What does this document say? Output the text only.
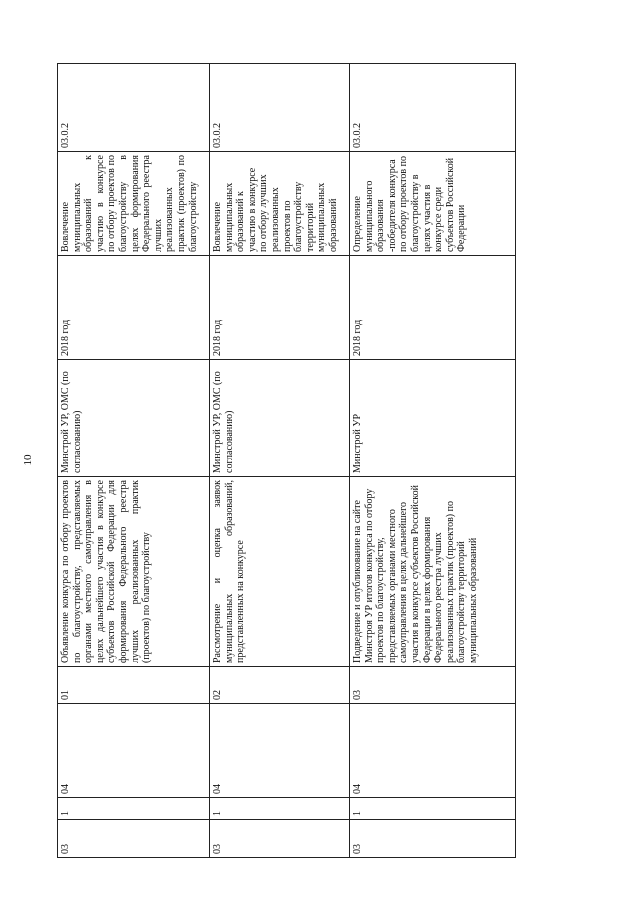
10
03	1	04	01	Объявление конкурса по отбору проектов по благоустройству, представляемых органами местного самоуправления в целях дальнейшего участия в конкурсе субъектов Российской Федерации для формирования Федерального реестра лучших реализованных практик (проектов) по благоустройству	Минстрой УР, ОМС (по согласованию)	2018 год	Вовлечение муниципальных образований к участию в конкурсе по отбору проектов по благоустройству в целях формирования Федерального реестра лучших реализованных практик (проектов) по благоустройству	03.0.2
03	1	04	02	Рассмотрение и оценка заявок муниципальных образований, представленных на конкурсе	Минстрой УР, ОМС (по согласованию)	2018 год	Вовлечение муниципальных образований к участию в конкурсе по отбору лучших реализованных проектов по благоустройству территорий муниципальных образований	03.0.2
03	1	04	03	Подведение и опубликование на сайте Минстроя УР итогов конкурса по отбору проектов по благоустройству, представляемых органами местного самоуправления в целях дальнейшего участия в конкурсе субъектов Российской Федерации в целях формирования Федерального реестра лучших реализованных практик (проектов) по благоустройству территорий муниципальных образований	Минстрой УР	2018 год	Определение муниципального образования -победителя конкурса по отбору проектов по благоустройству в целях участия в конкурсе среди субъектов Российской Федерации	03.0.2
